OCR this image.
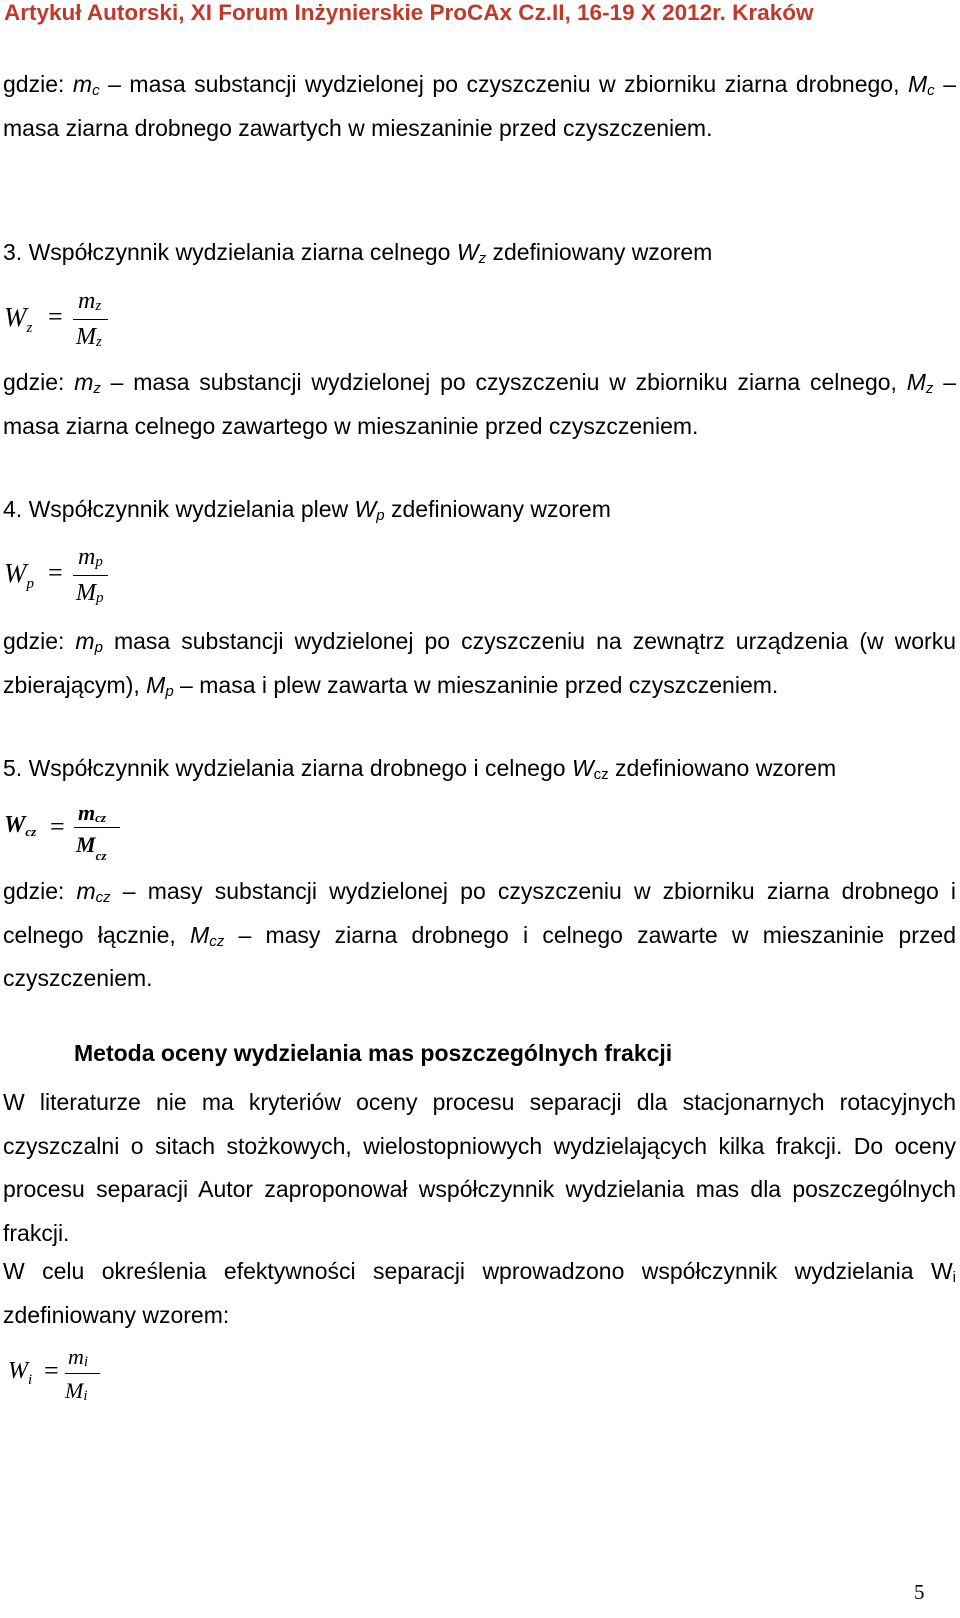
Artykuł Autorski, XI Forum Inżynierskie ProCAx Cz.II, 16-19 X 2012r. Kraków

gdzie: $m_c$ – masa substancji wydzielonej po czyszczeniu w zbiorniku ziarna drobnego, $M_c$ – masa ziarna drobnego zawartych w mieszaninie przed czyszczeniem.

3. Współczynnik wydzielania ziarna celnego $W_z$ zdefiniowany wzorem

$W_z$ =
$m_z$
$M_z$

gdzie: $m_z$ – masa substancji wydzielonej po czyszczeniu w zbiorniku ziarna celnego, $M_z$ – masa ziarna celnego zawartego w mieszaninie przed czyszczeniem.

4. Współczynnik wydzielania plew $W_p$ zdefiniowany wzorem

$W_p$ =
$m_p$
$M_p$

gdzie: $m_p$ masa substancji wydzielonej po czyszczeniu na zewnątrz urządzenia (w worku zbierającym), $M_p$ – masa i plew zawarta w mieszaninie przed czyszczeniem.

5. Współczynnik wydzielania ziarna drobnego i celnego $W_{cz}$ zdefiniowano wzorem

$W_{cz} = m_{cz}$
$M_{cz}$

gdzie: $m_{cz}$ – masy substancji wydzielonej po czyszczeniu w zbiorniku ziarna drobnego i celnego łącznie, $M_{cz}$ – masy ziarna drobnego i celnego zawarte w mieszaninie przed czyszczeniem.

Metoda oceny wydzielania mas poszczególnych frakcji

W literaturze nie ma kryteriów oceny procesu separacji dla stacjonarnych rotacyjnych czyszczalni o sitach stożkowych, wielostopniowych wydzielających kilka frakcji. Do oceny procesu separacji Autor zaproponował współczynnik wydzielania mas dla poszczególnych frakcji.

W celu określenia efektywności separacji wprowadzono współczynnik wydzielania $W_i$ zdefiniowany wzorem:

$W_i = m_i$
$M_i$
5
